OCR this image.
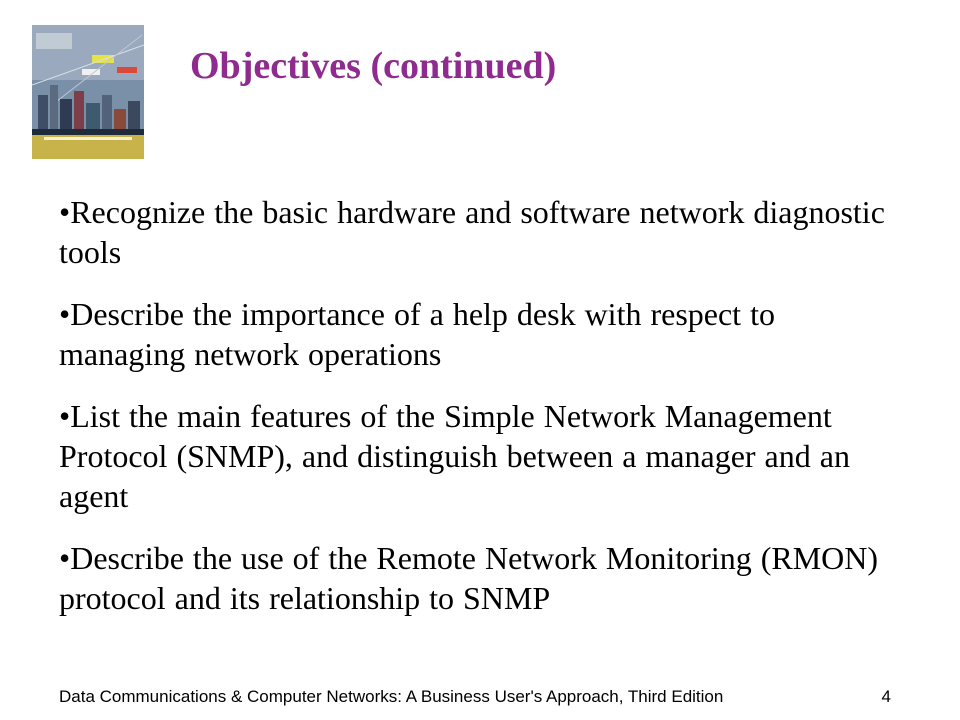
Objectives (continued)
•Recognize the basic hardware and software network diagnostic tools
•Describe the importance of a help desk with respect to managing network operations
•List the main features of the Simple Network Management Protocol (SNMP), and distinguish between a manager and an agent
•Describe the use of the Remote Network Monitoring (RMON) protocol and its relationship to SNMP
Data Communications & Computer Networks: A Business User's Approach, Third Edition	4
